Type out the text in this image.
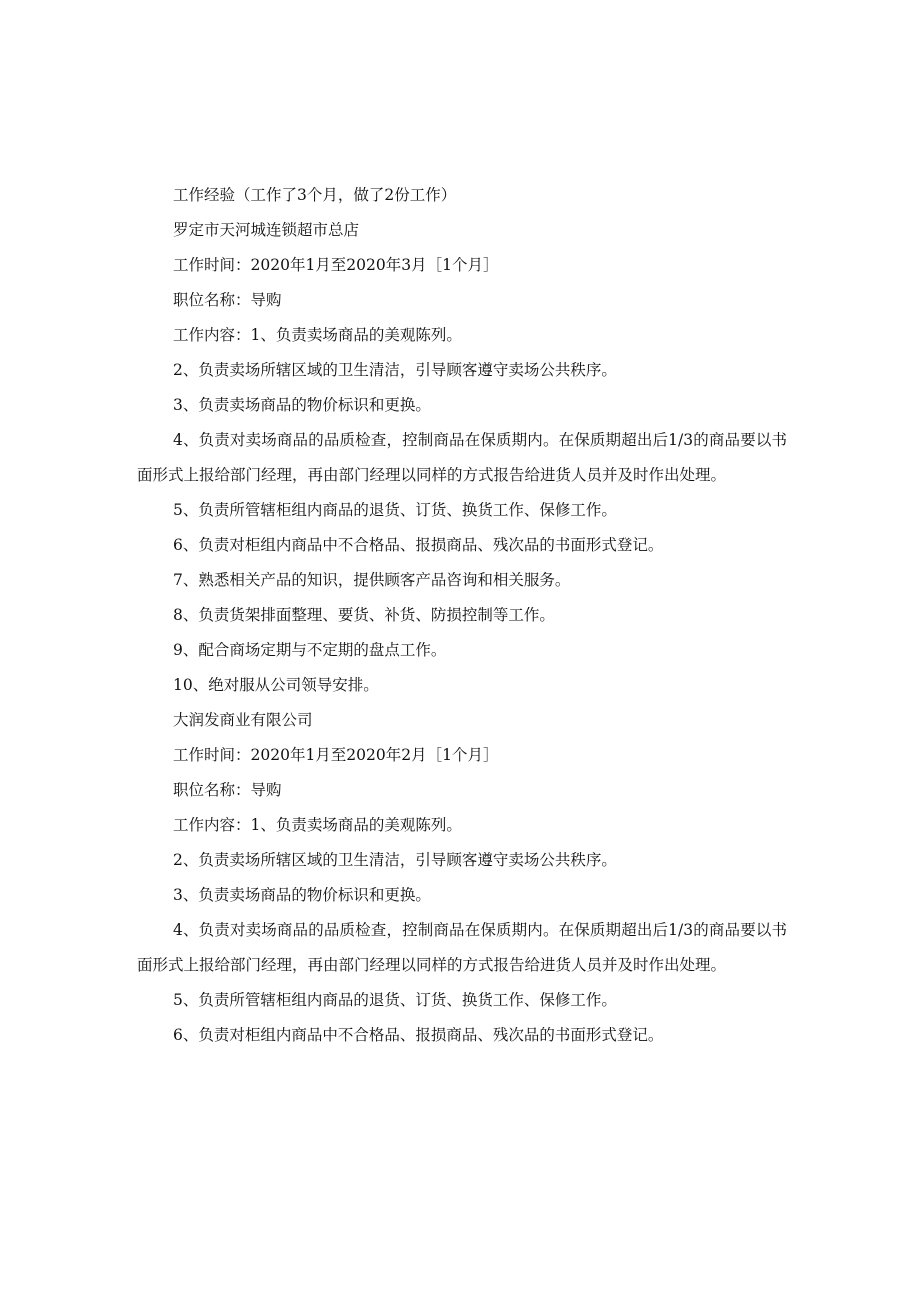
工作经验（工作了3个月，做了2份工作）

罗定市天河城连锁超市总店

工作时间：2020年1月至2020年3月［1个月］

职位名称：导购

工作内容：1、负责卖场商品的美观陈列。

2、负责卖场所辖区域的卫生清洁，引导顾客遵守卖场公共秩序。

3、负责卖场商品的物价标识和更换。

4、负责对卖场商品的品质检查，控制商品在保质期内。在保质期超出后1/3的商品要以书面形式上报给部门经理，再由部门经理以同样的方式报告给进货人员并及时作出处理。

5、负责所管辖柜组内商品的退货、订货、换货工作、保修工作。

6、负责对柜组内商品中不合格品、报损商品、残次品的书面形式登记。

7、熟悉相关产品的知识，提供顾客产品咨询和相关服务。

8、负责货架排面整理、要货、补货、防损控制等工作。

9、配合商场定期与不定期的盘点工作。

10、绝对服从公司领导安排。

大润发商业有限公司

工作时间：2020年1月至2020年2月［1个月］

职位名称：导购

工作内容：1、负责卖场商品的美观陈列。

2、负责卖场所辖区域的卫生清洁，引导顾客遵守卖场公共秩序。

3、负责卖场商品的物价标识和更换。

4、负责对卖场商品的品质检查，控制商品在保质期内。在保质期超出后1/3的商品要以书面形式上报给部门经理，再由部门经理以同样的方式报告给进货人员并及时作出处理。

5、负责所管辖柜组内商品的退货、订货、换货工作、保修工作。

6、负责对柜组内商品中不合格品、报损商品、残次品的书面形式登记。
